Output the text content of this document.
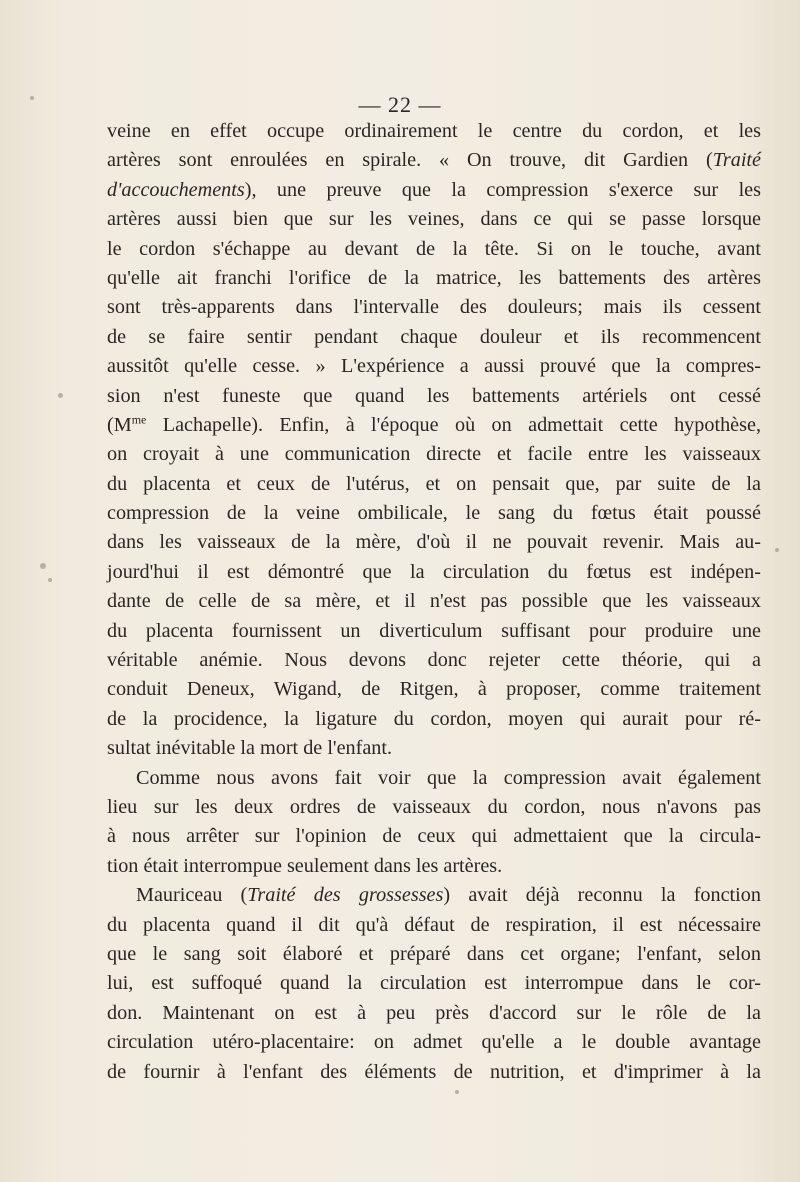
— 22 —
veine en effet occupe ordinairement le centre du cordon, et les
artères sont enroulées en spirale. « On trouve, dit Gardien (Traité
d'accouchements), une preuve que la compression s'exerce sur les
artères aussi bien que sur les veines, dans ce qui se passe lorsque
le cordon s'échappe au devant de la tête. Si on le touche, avant
qu'elle ait franchi l'orifice de la matrice, les battements des artères
sont très-apparents dans l'intervalle des douleurs; mais ils cessent
de se faire sentir pendant chaque douleur et ils recommencent
aussitôt qu'elle cesse. » L'expérience a aussi prouvé que la compres-
sion n'est funeste que quand les battements artériels ont cessé
($M^{me}$ Lachapelle). Enfin, à l'époque où on admettait cette hypothèse,
on croyait à une communication directe et facile entre les vaisseaux
du placenta et ceux de l'utérus, et on pensait que, par suite de la
compression de la veine ombilicale, le sang du fœtus était poussé
dans les vaisseaux de la mère, d'où il ne pouvait revenir. Mais au-
jourd'hui il est démontré que la circulation du fœtus est indépen-
dante de celle de sa mère, et il n'est pas possible que les vaisseaux
du placenta fournissent un diverticulum suffisant pour produire une
véritable anémie. Nous devons donc rejeter cette théorie, qui a
conduit Deneux, Wigand, de Ritgen, à proposer, comme traitement
de la procidence, la ligature du cordon, moyen qui aurait pour ré-
sultat inévitable la mort de l'enfant.
Comme nous avons fait voir que la compression avait également
lieu sur les deux ordres de vaisseaux du cordon, nous n'avons pas
à nous arrêter sur l'opinion de ceux qui admettaient que la circula-
tion était interrompue seulement dans les artères.
Mauriceau (Traité des grossesses) avait déjà reconnu la fonction
du placenta quand il dit qu'à défaut de respiration, il est nécessaire
que le sang soit élaboré et préparé dans cet organe; l'enfant, selon
lui, est suffoqué quand la circulation est interrompue dans le cor-
don. Maintenant on est à peu près d'accord sur le rôle de la
circulation utéro-placentaire: on admet qu'elle a le double avantage
de fournir à l'enfant des éléments de nutrition, et d'imprimer à la
